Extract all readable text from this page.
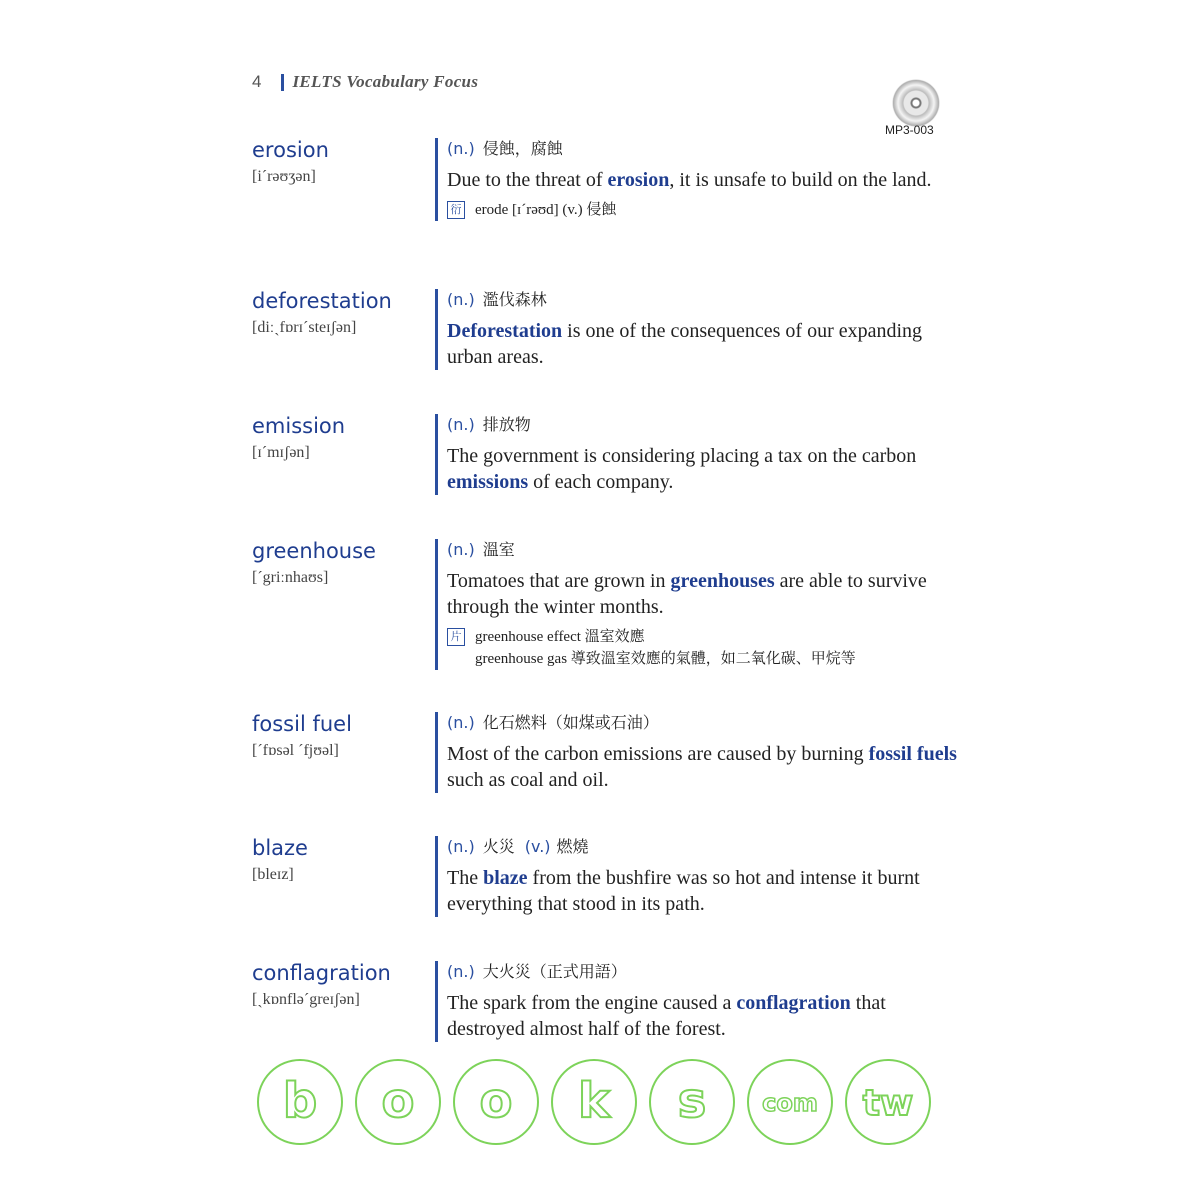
4 IELTS Vocabulary Focus
MP3-003
erosion
[iˊrəʊʒən]
(n.) 侵蝕，腐蝕
Due to the threat of erosion, it is unsafe to build on the land.
衍 erode [ɪˊrəʊd] (v.) 侵蝕
deforestation
[diːˏfɒrɪˊsteɪʃən]
(n.) 濫伐森林
Deforestation is one of the consequences of our expanding urban areas.
emission
[ɪˊmɪʃən]
(n.) 排放物
The government is considering placing a tax on the carbon emissions of each company.
greenhouse
[ˊgriːnhaʊs]
(n.) 溫室
Tomatoes that are grown in greenhouses are able to survive through the winter months.
片 greenhouse effect 溫室效應
greenhouse gas 導致溫室效應的氣體，如二氧化碳、甲烷等
fossil fuel
[ˊfɒsəl ˊfjʊəl]
(n.) 化石燃料（如煤或石油）
Most of the carbon emissions are caused by burning fossil fuels such as coal and oil.
blaze
[bleɪz]
(n.) 火災 (v.) 燃燒
The blaze from the bushfire was so hot and intense it burnt everything that stood in its path.
conflagration
[ˏkɒnfləˊgreɪʃən]
(n.) 大火災（正式用語）
The spark from the engine caused a conflagration that destroyed almost half of the forest.
b o o k s com tw
